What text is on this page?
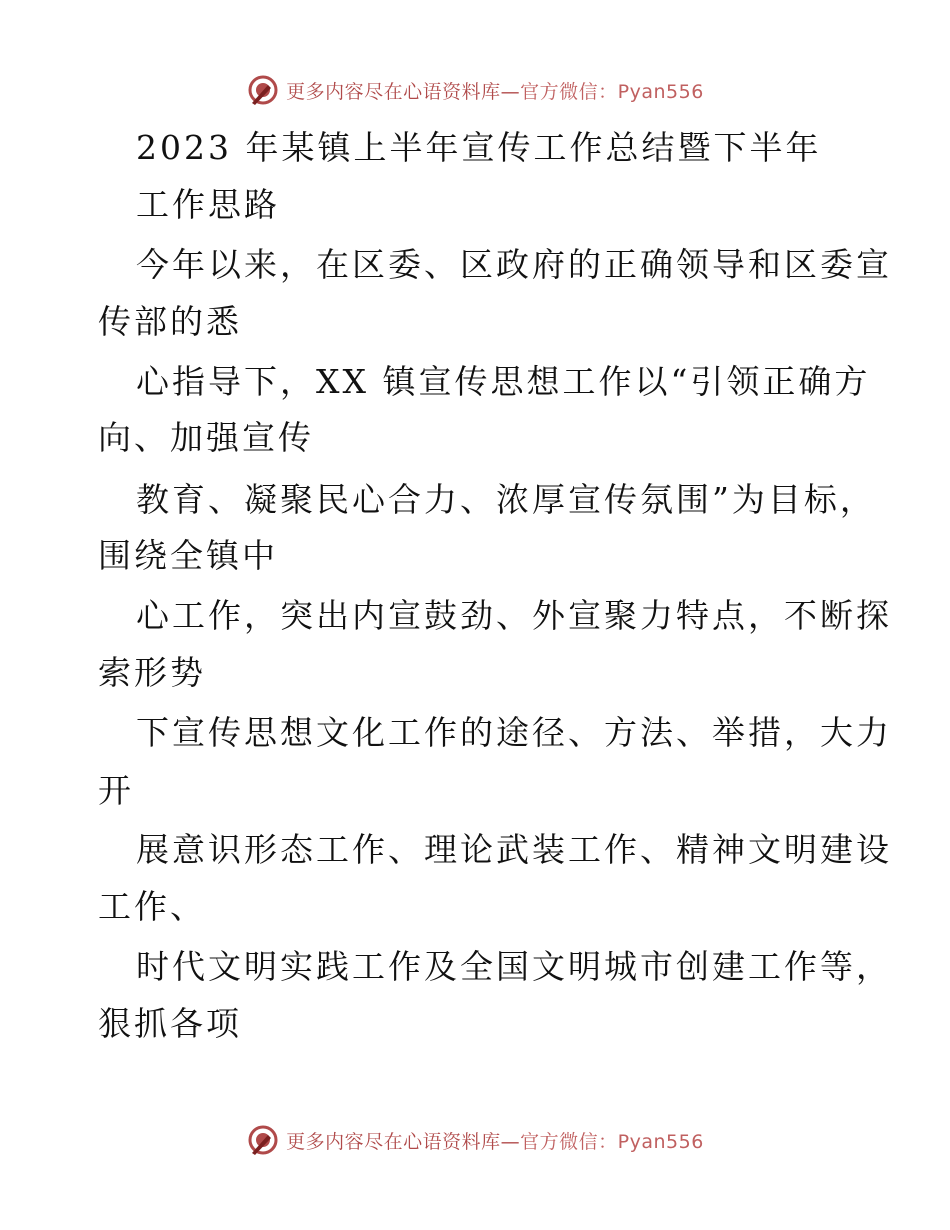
更多内容尽在心语资料库—官方微信：Pyan556
2023 年某镇上半年宣传工作总结暨下半年
工作思路
今年以来，在区委、区政府的正确领导和区委宣
传部的悉
心指导下，XX 镇宣传思想工作以“引领正确方
向、加强宣传
教育、凝聚民心合力、浓厚宣传氛围”为目标，
围绕全镇中
心工作，突出内宣鼓劲、外宣聚力特点，不断探
索形势
下宣传思想文化工作的途径、方法、举措，大力
开
展意识形态工作、理论武装工作、精神文明建设
工作、
时代文明实践工作及全国文明城市创建工作等，
狠抓各项
更多内容尽在心语资料库—官方微信：Pyan556
